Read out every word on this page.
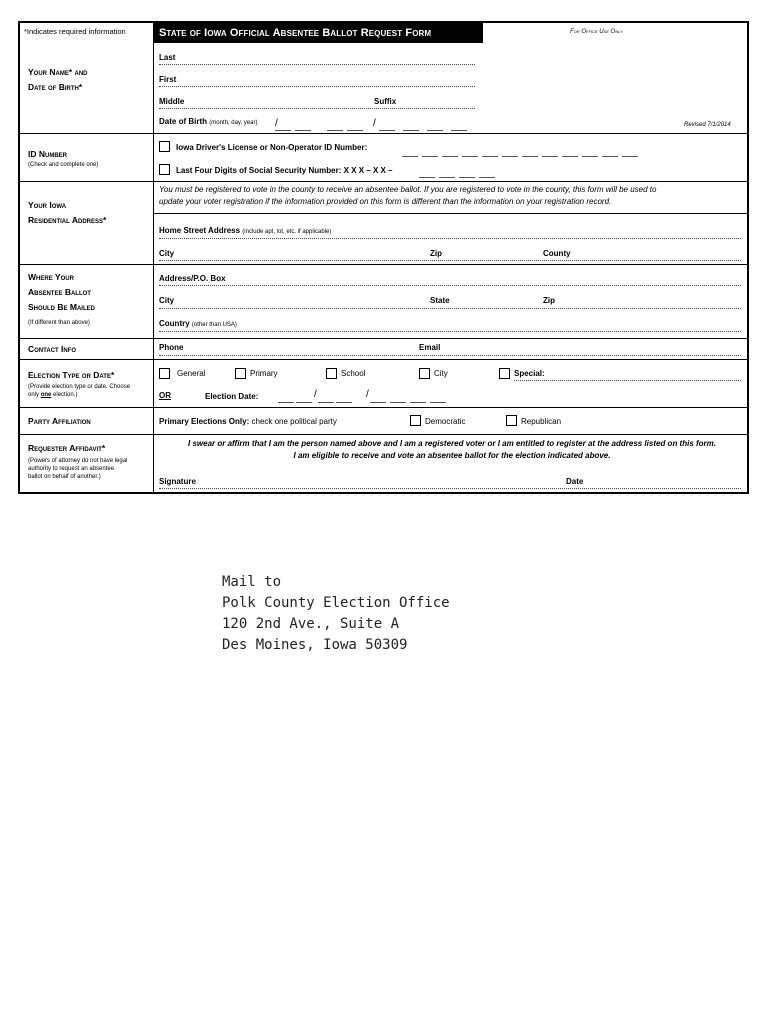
*Indicates required information	State of Iowa Official Absentee Ballot Request Form	For Office Use Only
Your Name* and
Date of Birth*
Last
First
Middle	Suffix
Date of Birth (month, day, year) /	/	Revised 7/1/2014
ID Number
(Check and complete one)
Iowa Driver's License or Non-Operator ID Number:
Last Four Digits of Social Security Number: X X X – X X –
Your Iowa
Residential Address*
You must be registered to vote in the county to receive an absentee ballot. If you are registered to vote in the county, this form will be used to
update your voter registration if the information provided on this form is different than the information on your registration record.
Home Street Address (include apt, lot, etc. if applicable)
City	Zip	County
Where Your
Absentee Ballot
Should Be Mailed
(If different than above)
Address/P.O. Box
City	State	Zip
Country (other than USA)
Contact Info	Phone	Email
Election Type or Date*
(Provide election type or date. Choose
only one election.)
General	Primary	School	City	Special:
OR	Election Date:	/	/
Party Affiliation	Primary Elections Only: check one political party	Democratic	Republican
Requester Affidavit*
(Powers of attorney do not have legal
authority to request an absentee
ballot on behalf of another.)
I swear or affirm that I am the person named above and I am a registered voter or I am entitled to register at the address listed on this form.
I am eligible to receive and vote an absentee ballot for the election indicated above.
Signature	Date
Mail to
Polk County Election Office
120 2nd Ave., Suite A
Des Moines, Iowa 50309
